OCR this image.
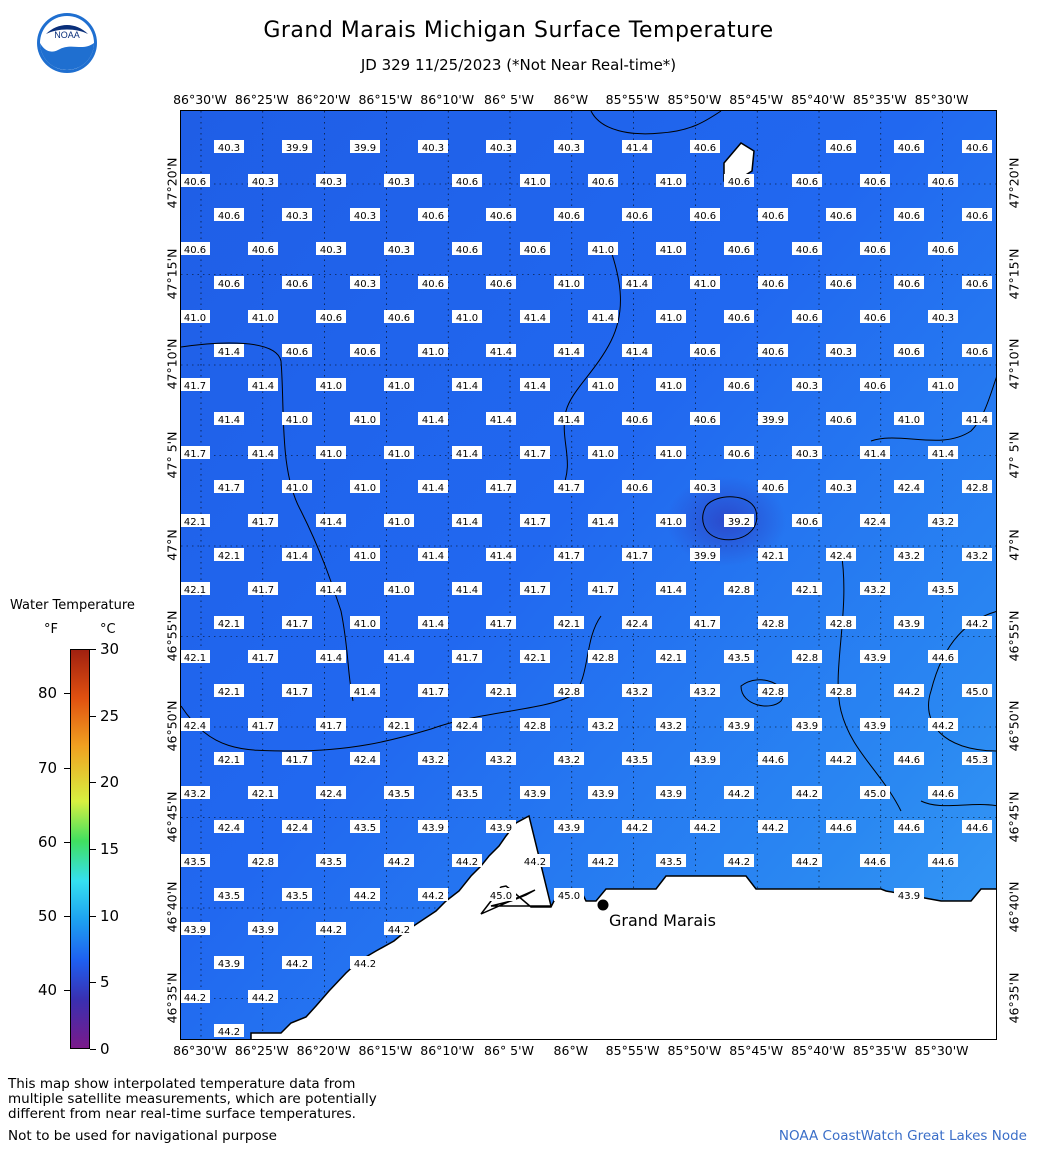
NOAA	Grand Marais Michigan Surface Temperature
JD 329 11/25/2023 (*Not Near Real-time*)
86°30'W 86°25'W 86°20'W 86°15'W 86°10'W 86° 5'W 86°W 85°55'W 85°50'W 85°45'W 85°40'W 85°35'W 85°30'W
86°30'W 86°25'W 86°20'W 86°15'W 86°10'W 86° 5'W 86°W 85°55'W 85°50'W 85°45'W 85°40'W 85°35'W 85°30'W
47°20'N
47°15'N
47°10'N
47° 5'N
47°N
46°55'N
46°50'N
46°45'N
46°40'N
46°35'N
47°20'N
47°15'N
47°10'N
47° 5'N
47°N
46°55'N
46°50'N
46°45'N
46°40'N
46°35'N
40.3	39.9	39.9	40.3	40.3	40.3	41.4	40.6	40.6	40.6	40.6
40.6	40.3	40.3	40.3	40.6	41.0	40.6	41.0	40.6	40.6	40.6	40.6
40.6	40.3	40.3	40.6	40.6	40.6	40.6	40.6	40.6	40.6	40.6	40.6
40.6	40.6	40.3	40.3	40.6	40.6	41.0	41.0	40.6	40.6	40.6	40.6
40.6	40.6	40.3	40.6	40.6	41.0	41.4	41.0	40.6	40.6	40.6	40.6
41.0	41.0	40.6	40.6	41.0	41.4	41.4	41.0	40.6	40.6	40.6	40.3
41.4	40.6	40.6	41.0	41.4	41.4	41.4	40.6	40.6	40.3	40.6	40.6
41.7	41.4	41.0	41.0	41.4	41.4	41.0	41.0	40.6	40.3	40.6	41.0
41.4	41.0	41.0	41.4	41.4	41.4	40.6	40.6	39.9	40.6	41.0	41.4
41.7	41.4	41.0	41.0	41.4	41.7	41.0	41.0	40.6	40.3	41.4	41.4
41.7	41.0	41.0	41.4	41.7	41.7	40.6	40.3	40.6	40.3	42.4	42.8
42.1	41.7	41.4	41.0	41.4	41.7	41.4	41.0	39.2	40.6	42.4	43.2
42.1	41.4	41.0	41.4	41.4	41.7	41.7	39.9	42.1	42.4	43.2	43.2
42.1	41.7	41.4	41.0	41.4	41.7	41.7	41.4	42.8	42.1	43.2	43.5
42.1	41.7	41.0	41.4	41.7	42.1	42.4	41.7	42.8	42.8	43.9	44.2
42.1	41.7	41.4	41.4	41.7	42.1	42.8	42.1	43.5	42.8	43.9	44.6
42.1	41.7	41.4	41.7	42.1	42.8	43.2	43.2	42.8	42.8	44.2	45.0
42.4	41.7	41.7	42.1	42.4	42.8	43.2	43.2	43.9	43.9	43.9	44.2
42.1	41.7	42.4	43.2	43.2	43.2	43.5	43.9	44.6	44.2	44.6	45.3
43.2	42.1	42.4	43.5	43.5	43.9	43.9	43.9	44.2	44.2	45.0	44.6
42.4	42.4	43.5	43.9	43.9	43.9	44.2	44.2	44.2	44.6	44.6	44.6
43.5	42.8	43.5	44.2	44.2	44.2	44.2	43.5	44.2	44.2	44.6	44.6
43.5	43.5	44.2	44.2	45.0	45.0	43.9
43.9	43.9	44.2	44.2
43.9	44.2	44.2
44.2	44.2
44.2
Grand Marais
Water Temperature
°F	°C
40
50
60
70
80
0
5
10
15
20
25
30
This map show interpolated temperature data from
multiple satellite measurements, which are potentially
different from near real-time surface temperatures.
Not to be used for navigational purpose	NOAA CoastWatch Great Lakes Node
